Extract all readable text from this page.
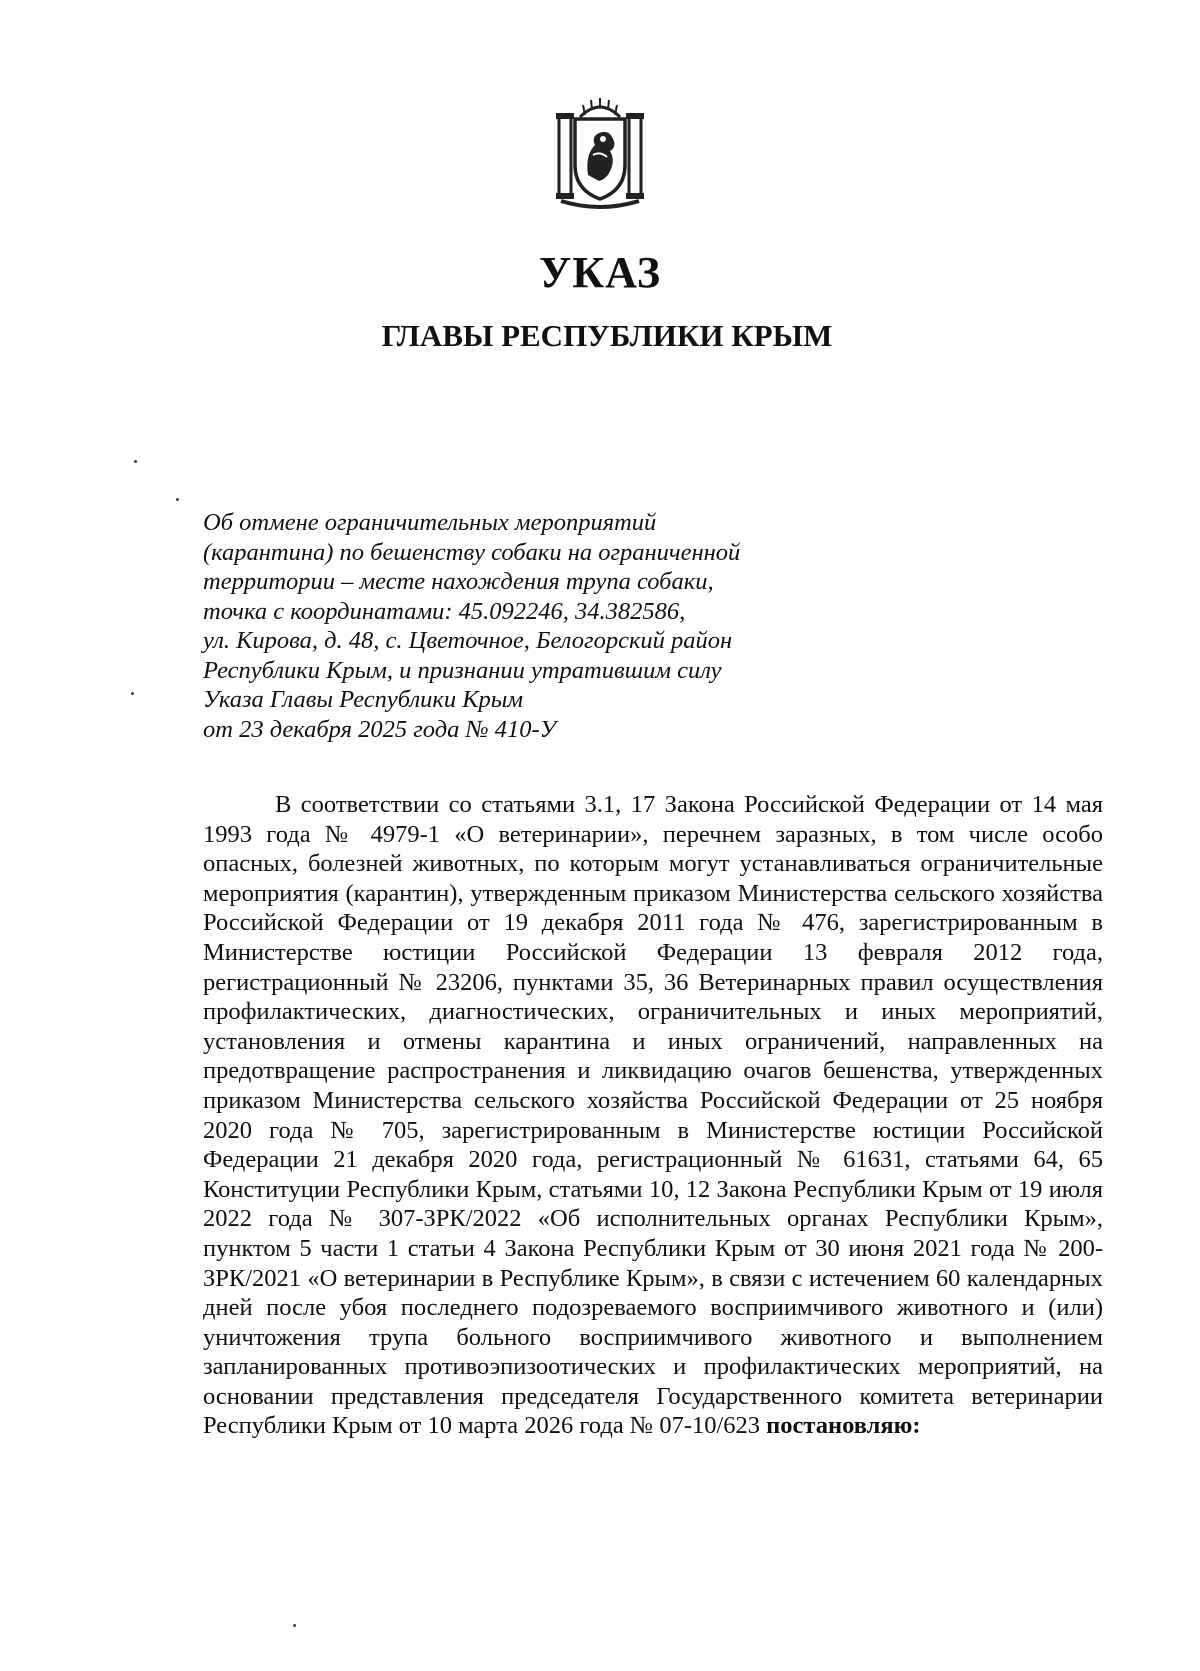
УКАЗ
ГЛАВЫ РЕСПУБЛИКИ КРЫМ
Об отмене ограничительных мероприятий
(карантина) по бешенству собаки на ограниченной
территории – месте нахождения трупа собаки,
точка с координатами: 45.092246, 34.382586,
ул. Кирова, д. 48, с. Цветочное, Белогорский район
Республики Крым, и признании утратившим силу
Указа Главы Республики Крым
от 23 декабря 2025 года № 410-У

В соответствии со статьями 3.1, 17 Закона Российской Федерации от 14 мая 1993 года № 4979-1 «О ветеринарии», перечнем заразных, в том числе особо опасных, болезней животных, по которым могут устанавливаться ограничительные мероприятия (карантин), утвержденным приказом Министерства сельского хозяйства Российской Федерации от 19 декабря 2011 года № 476, зарегистрированным в Министерстве юстиции Российской Федерации 13 февраля 2012 года, регистрационный № 23206, пунктами 35, 36 Ветеринарных правил осуществления профилактических, диагностических, ограничительных и иных мероприятий, установления и отмены карантина и иных ограничений, направленных на предотвращение распространения и ликвидацию очагов бешенства, утвержденных приказом Министерства сельского хозяйства Российской Федерации от 25 ноября 2020 года № 705, зарегистрированным в Министерстве юстиции Российской Федерации 21 декабря 2020 года, регистрационный № 61631, статьями 64, 65 Конституции Республики Крым, статьями 10, 12 Закона Республики Крым от 19 июля 2022 года № 307-ЗРК/2022 «Об исполнительных органах Республики Крым», пунктом 5 части 1 статьи 4 Закона Республики Крым от 30 июня 2021 года № 200-ЗРК/2021 «О ветеринарии в Республике Крым», в связи с истечением 60 календарных дней после убоя последнего подозреваемого восприимчивого животного и (или) уничтожения трупа больного восприимчивого животного и выполнением запланированных противоэпизоотических и профилактических мероприятий, на основании представления председателя Государственного комитета ветеринарии Республики Крым от 10 марта 2026 года № 07-10/623 постановляю:
